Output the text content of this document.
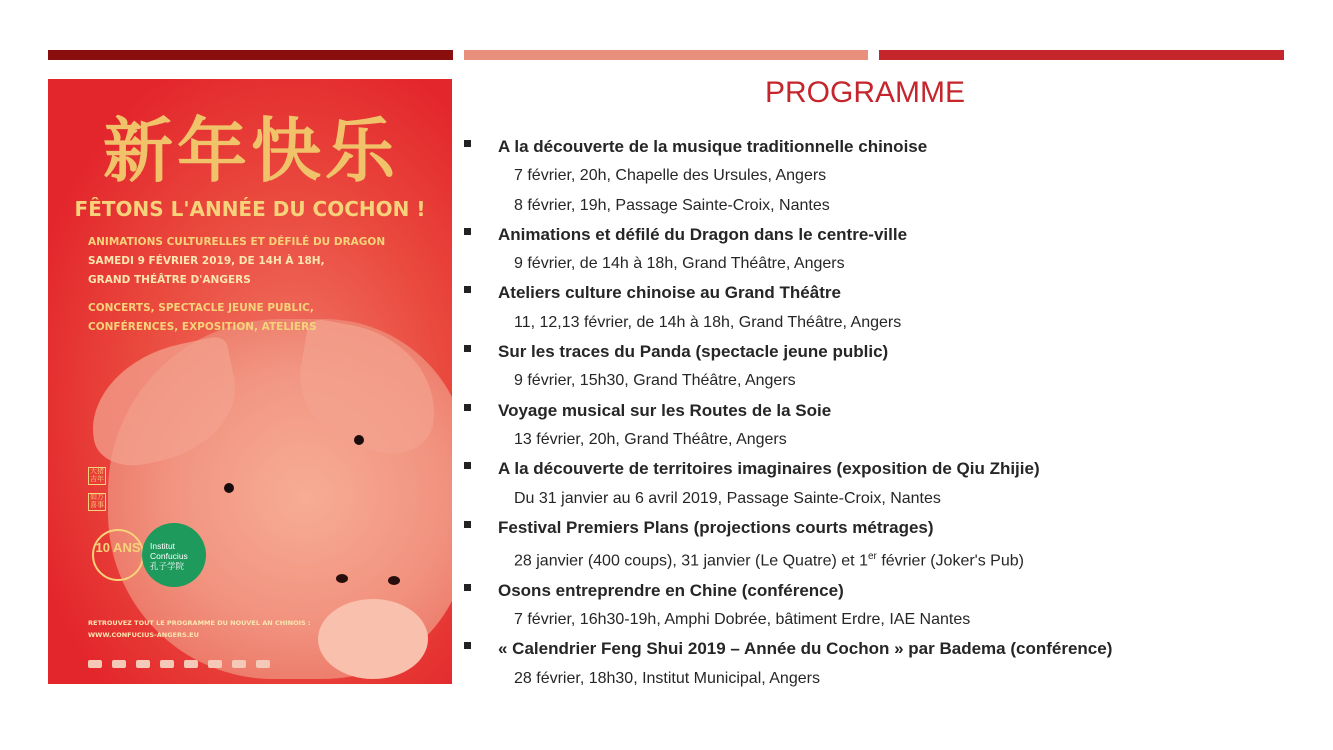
新年快乐
FÊTONS L'ANNÉE DU COCHON !
ANIMATIONS CULTURELLES ET DÉFILÉ DU DRAGON
SAMEDI 9 FÉVRIER 2019, DE 14H À 18H,
GRAND THÉÂTRE D'ANGERS
CONCERTS, SPECTACLE JEUNE PUBLIC,
CONFÉRENCES, EXPOSITION, ATELIERS
大猪吉年
如万喜事
10 ANS	Institut Confucius
孔子学院
RETROUVEZ TOUT LE PROGRAMME DU NOUVEL AN CHINOIS :
WWW.CONFUCIUS-ANGERS.EU
PROGRAMME
A la découverte de la musique traditionnelle chinoise
7 février, 20h, Chapelle des Ursules, Angers
8 février, 19h, Passage Sainte-Croix, Nantes
Animations et défilé du Dragon dans le centre-ville
9 février, de 14h à 18h, Grand Théâtre, Angers
Ateliers culture chinoise au Grand Théâtre
11, 12,13 février, de 14h à 18h, Grand Théâtre, Angers
Sur les traces du Panda (spectacle jeune public)
9 février, 15h30, Grand Théâtre, Angers
Voyage musical sur les Routes de la Soie
13 février, 20h, Grand Théâtre, Angers
A la découverte de territoires imaginaires (exposition de Qiu Zhijie)
Du 31 janvier au 6 avril 2019, Passage Sainte-Croix, Nantes
Festival Premiers Plans (projections courts métrages)
28 janvier (400 coups), 31 janvier (Le Quatre) et 1er février (Joker's Pub)
Osons entreprendre en Chine (conférence)
7 février, 16h30-19h, Amphi Dobrée, bâtiment Erdre, IAE Nantes
« Calendrier Feng Shui 2019 – Année du Cochon » par Badema (conférence)
28 février, 18h30, Institut Municipal, Angers
